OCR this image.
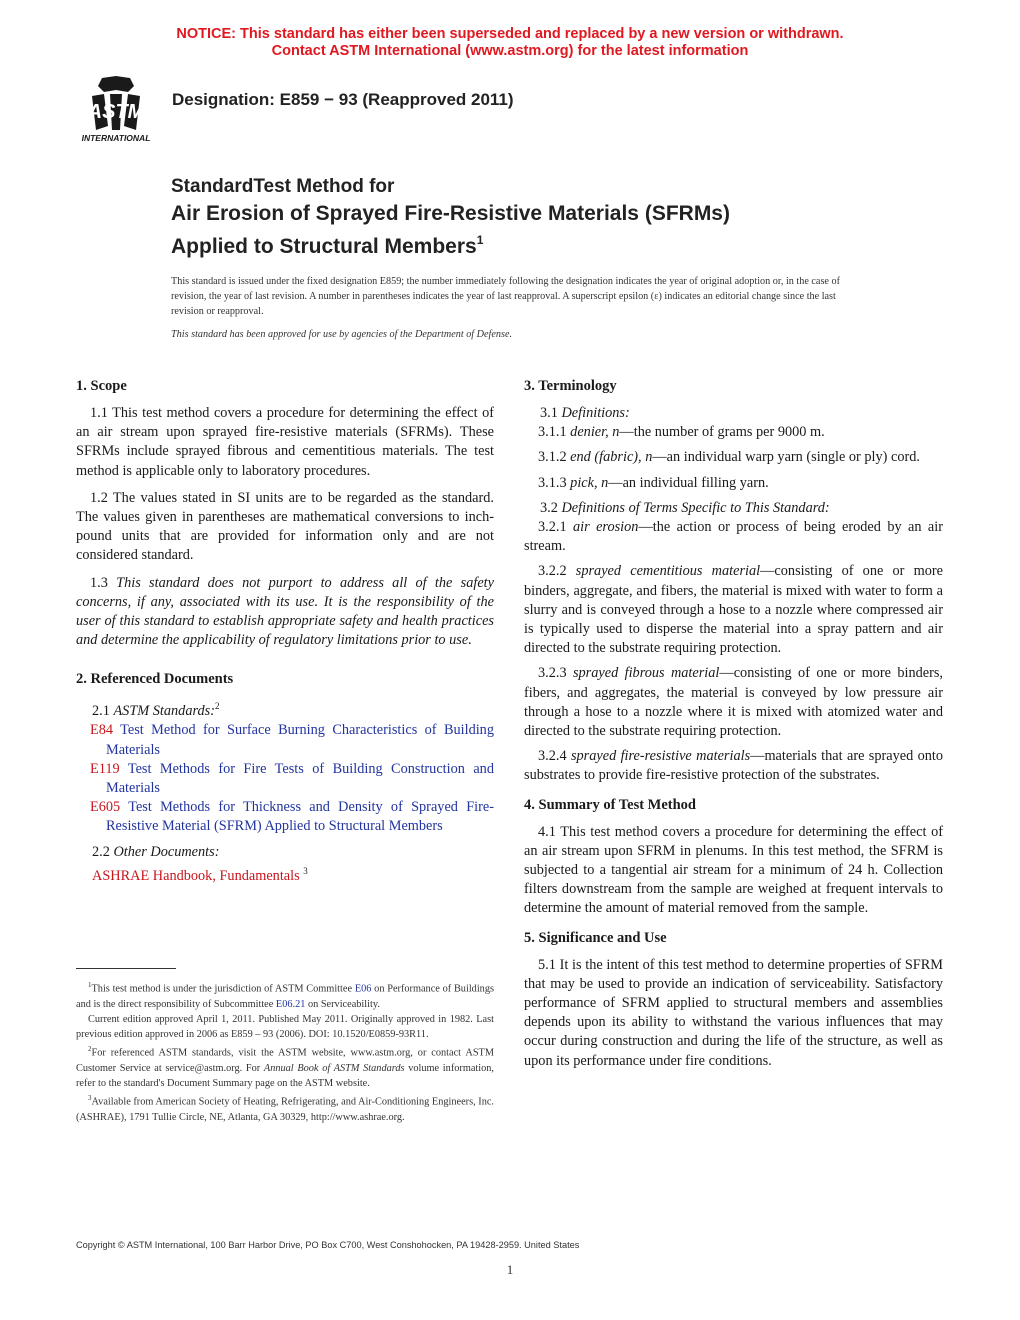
NOTICE: This standard has either been superseded and replaced by a new version or withdrawn.
Contact ASTM International (www.astm.org) for the latest information
ASTM
INTERNATIONAL
Designation: E859 − 93 (Reapproved 2011)
StandardTest Method for
Air Erosion of Sprayed Fire-Resistive Materials (SFRMs)
Applied to Structural Members$^1$
This standard is issued under the fixed designation E859; the number immediately following the designation indicates the year of original adoption or, in the case of revision, the year of last revision. A number in parentheses indicates the year of last reapproval. A superscript epsilon (ε) indicates an editorial change since the last revision or reapproval.
This standard has been approved for use by agencies of the Department of Defense.
1. Scope

1.1 This test method covers a procedure for determining the effect of an air stream upon sprayed fire-resistive materials (SFRMs). These SFRMs include sprayed fibrous and cementitious materials. The test method is applicable only to laboratory procedures.

1.2 The values stated in SI units are to be regarded as the standard. The values given in parentheses are mathematical conversions to inch-pound units that are provided for information only and are not considered standard.

1.3 This standard does not purport to address all of the safety concerns, if any, associated with its use. It is the responsibility of the user of this standard to establish appropriate safety and health practices and determine the applicability of regulatory limitations prior to use.

2. Referenced Documents

2.1 ASTM Standards:$^2$

E84 Test Method for Surface Burning Characteristics of Building Materials

E119 Test Methods for Fire Tests of Building Construction and Materials

E605 Test Methods for Thickness and Density of Sprayed Fire-Resistive Material (SFRM) Applied to Structural Members

2.2 Other Documents:

ASHRAE Handbook, Fundamentals $^3$

$^1$This test method is under the jurisdiction of ASTM Committee E06 on Performance of Buildings and is the direct responsibility of Subcommittee E06.21 on Serviceability.

Current edition approved April 1, 2011. Published May 2011. Originally approved in 1982. Last previous edition approved in 2006 as E859 – 93 (2006). DOI: 10.1520/E0859-93R11.

$^2$For referenced ASTM standards, visit the ASTM website, www.astm.org, or contact ASTM Customer Service at service@astm.org. For Annual Book of ASTM Standards volume information, refer to the standard's Document Summary page on the ASTM website.

$^3$Available from American Society of Heating, Refrigerating, and Air-Conditioning Engineers, Inc. (ASHRAE), 1791 Tullie Circle, NE, Atlanta, GA 30329, http://www.ashrae.org.

3. Terminology

3.1 Definitions:

3.1.1 denier, n—the number of grams per 9000 m.

3.1.2 end (fabric), n—an individual warp yarn (single or ply) cord.

3.1.3 pick, n—an individual filling yarn.

3.2 Definitions of Terms Specific to This Standard:

3.2.1 air erosion—the action or process of being eroded by an air stream.

3.2.2 sprayed cementitious material—consisting of one or more binders, aggregate, and fibers, the material is mixed with water to form a slurry and is conveyed through a hose to a nozzle where compressed air is typically used to disperse the material into a spray pattern and air directed to the substrate requiring protection.

3.2.3 sprayed fibrous material—consisting of one or more binders, fibers, and aggregates, the material is conveyed by low pressure air through a hose to a nozzle where it is mixed with atomized water and directed to the substrate requiring protection.

3.2.4 sprayed fire-resistive materials—materials that are sprayed onto substrates to provide fire-resistive protection of the substrates.

4. Summary of Test Method

4.1 This test method covers a procedure for determining the effect of an air stream upon SFRM in plenums. In this test method, the SFRM is subjected to a tangential air stream for a minimum of 24 h. Collection filters downstream from the sample are weighed at frequent intervals to determine the amount of material removed from the sample.

5. Significance and Use

5.1 It is the intent of this test method to determine properties of SFRM that may be used to provide an indication of serviceability. Satisfactory performance of SFRM applied to structural members and assemblies depends upon its ability to withstand the various influences that may occur during construction and during the life of the structure, as well as upon its performance under fire conditions.

Copyright © ASTM International, 100 Barr Harbor Drive, PO Box C700, West Conshohocken, PA 19428-2959. United States
1
